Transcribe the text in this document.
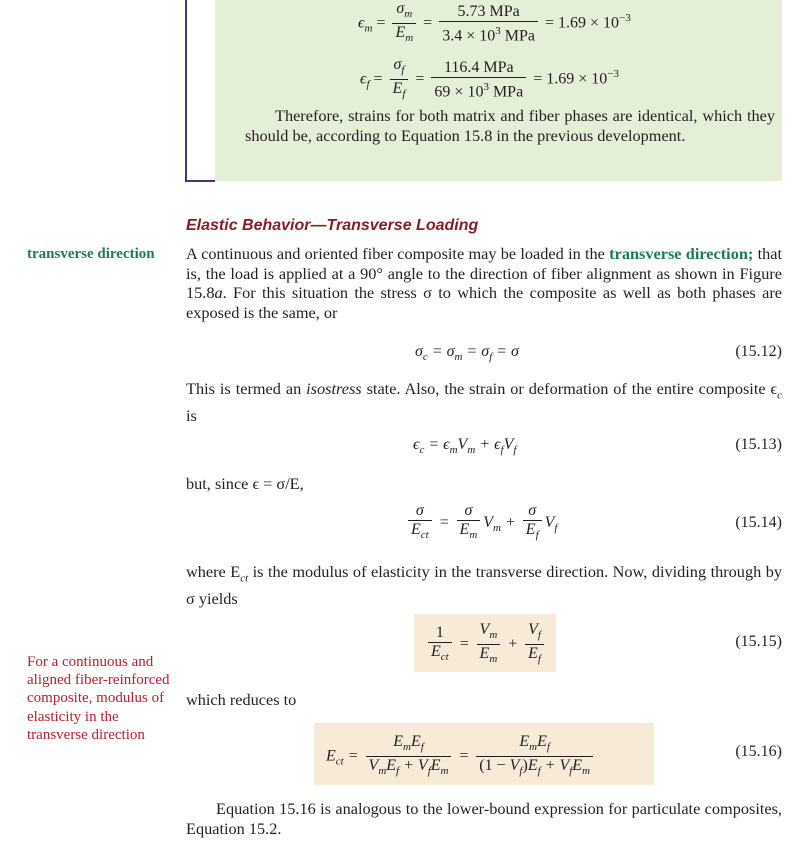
$\epsilon_m = \frac{\sigma_m}{E_m} = \frac{\text{5.73 MPa}}{3.4 \times 10^3 MPa} = 1.69 \times 10^{-3}$
$\epsilon_f = \frac{\sigma_f}{E_f} = \frac{\text{116.4 MPa}}{69 \times 10^3 MPa} = 1.69 \times 10^{-3}$
Therefore, strains for both matrix and fiber phases are identical, which they should be, according to Equation 15.8 in the previous development.
Elastic Behavior—Transverse Loading
transverse direction
For a continuous and aligned fiber-reinforced composite, modulus of elasticity in the transverse direction
A continuous and oriented fiber composite may be loaded in the transverse direction; that is, the load is applied at a 90° angle to the direction of fiber alignment as shown in Figure 15.8a. For this situation the stress σ to which the composite as well as both phases are exposed is the same, or
$\sigma_c = \sigma_m = \sigma_f = \sigma$	(15.12)
This is termed an isostress state. Also, the strain or deformation of the entire composite $\epsilon_c$ is
$\epsilon_c = \epsilon_mV_m + \epsilon_fV_f$	(15.13)
but, since ϵ = σ/E,
$\frac{\sigma}{E_{ct}} = \frac{\sigma}{E_m} V_m + \frac{\sigma}{E_f} V_f$	(15.14)
where $E_{ct}$ is the modulus of elasticity in the transverse direction. Now, dividing through by σ yields
$\frac{1}{E_{ct}} = \frac{V_m}{E_m} + \frac{V_f}{E_f}$	(15.15)
which reduces to
$E_{ct} = \frac{E_mE_f}{V_mE_f + V_fE_m} = \frac{E_mE_f}{(1 - V_f)E_f + V_fE_m}$	(15.16)
Equation 15.16 is analogous to the lower-bound expression for particulate composites, Equation 15.2.
